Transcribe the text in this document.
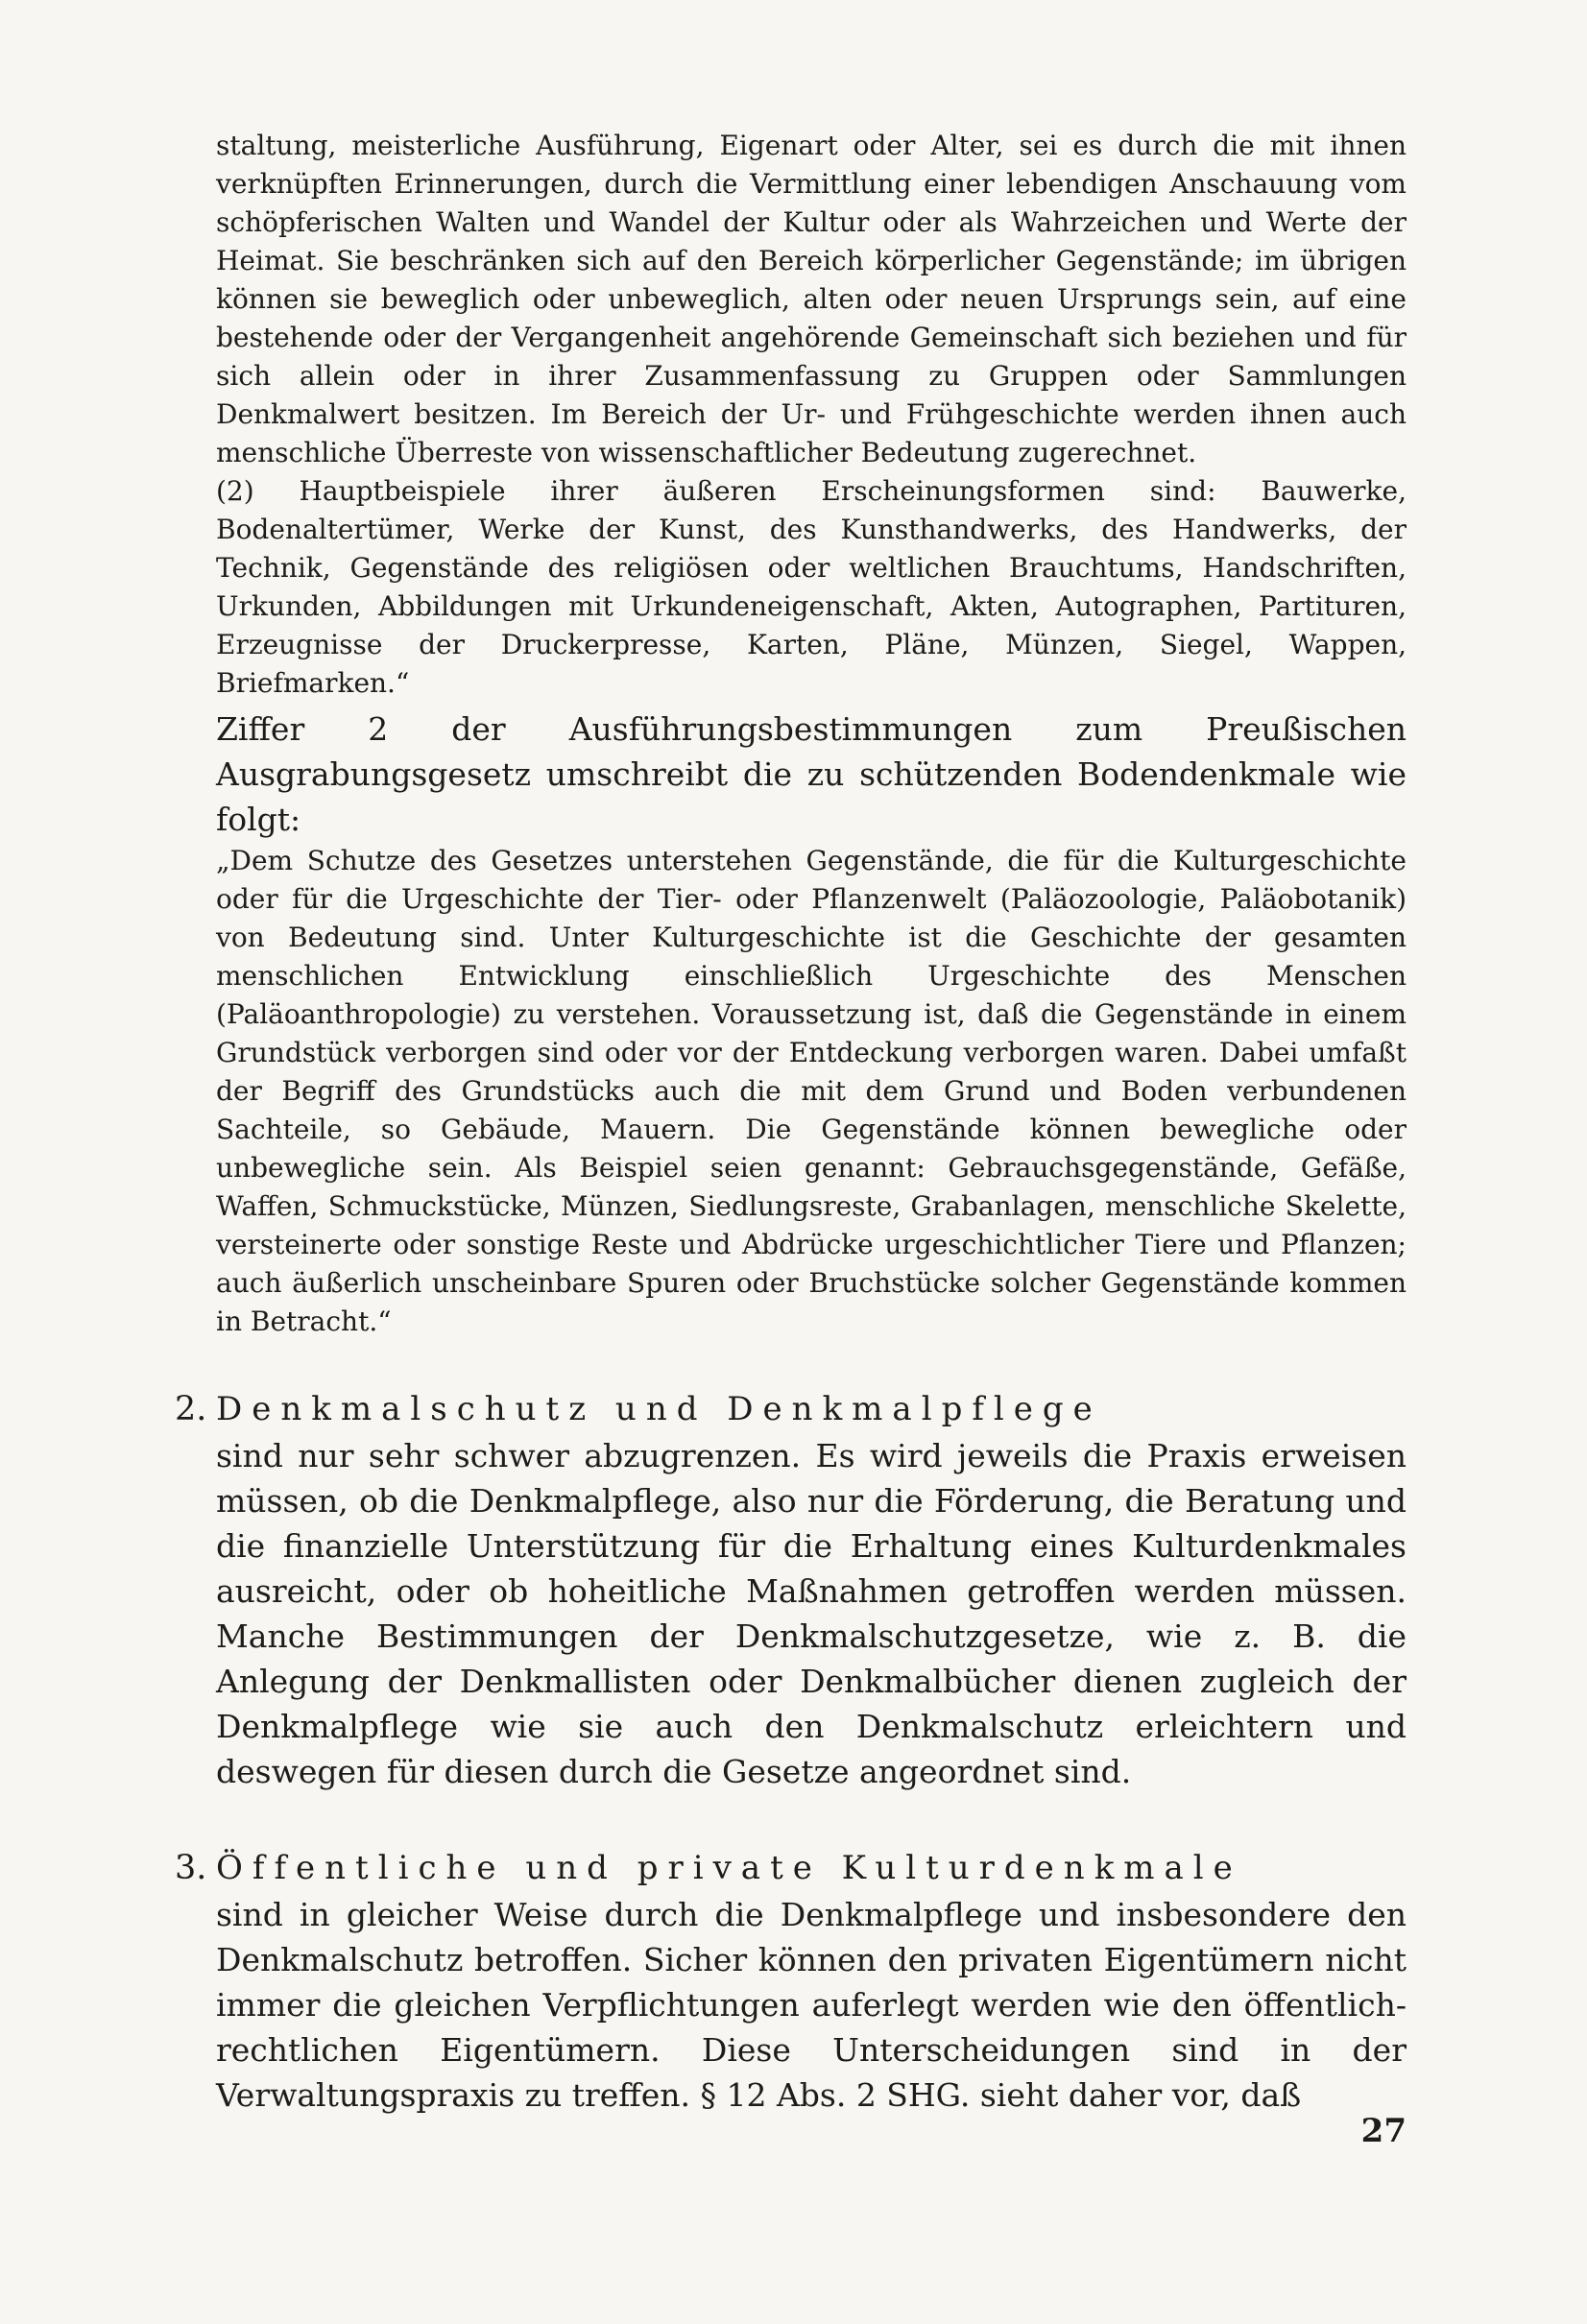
staltung, meisterliche Ausführung, Eigenart oder Alter, sei es durch die mit ihnen verknüpften Erinnerungen, durch die Vermittlung einer lebendigen Anschauung vom schöpferischen Walten und Wandel der Kultur oder als Wahrzeichen und Werte der Heimat. Sie beschränken sich auf den Bereich körperlicher Gegenstände; im übrigen können sie beweglich oder unbeweglich, alten oder neuen Ursprungs sein, auf eine bestehende oder der Vergangenheit angehörende Gemeinschaft sich beziehen und für sich allein oder in ihrer Zusammenfassung zu Gruppen oder Sammlungen Denkmalwert besitzen. Im Bereich der Ur- und Frühgeschichte werden ihnen auch menschliche Überreste von wissenschaftlicher Bedeutung zugerechnet.

(2) Hauptbeispiele ihrer äußeren Erscheinungsformen sind: Bauwerke, Bodenaltertümer, Werke der Kunst, des Kunsthandwerks, des Handwerks, der Technik, Gegenstände des religiösen oder weltlichen Brauchtums, Handschriften, Urkunden, Abbildungen mit Urkundeneigenschaft, Akten, Autographen, Partituren, Erzeugnisse der Druckerpresse, Karten, Pläne, Münzen, Siegel, Wappen, Briefmarken.“

Ziffer 2 der Ausführungsbestimmungen zum Preußischen Ausgrabungsgesetz umschreibt die zu schützenden Bodendenkmale wie folgt:

„Dem Schutze des Gesetzes unterstehen Gegenstände, die für die Kulturgeschichte oder für die Urgeschichte der Tier- oder Pflanzenwelt (Paläozoologie, Paläobotanik) von Bedeutung sind. Unter Kulturgeschichte ist die Geschichte der gesamten menschlichen Entwicklung einschließlich Urgeschichte des Menschen (Paläoanthropologie) zu verstehen. Voraussetzung ist, daß die Gegenstände in einem Grundstück verborgen sind oder vor der Entdeckung verborgen waren. Dabei umfaßt der Begriff des Grundstücks auch die mit dem Grund und Boden verbundenen Sachteile, so Gebäude, Mauern. Die Gegenstände können bewegliche oder unbewegliche sein. Als Beispiel seien genannt: Gebrauchsgegenstände, Gefäße, Waffen, Schmuckstücke, Münzen, Siedlungsreste, Grabanlagen, menschliche Skelette, versteinerte oder sonstige Reste und Abdrücke urgeschichtlicher Tiere und Pflanzen; auch äußerlich unscheinbare Spuren oder Bruchstücke solcher Gegenstände kommen in Betracht.“

2. Denkmalschutz und Denkmalpflege

sind nur sehr schwer abzugrenzen. Es wird jeweils die Praxis erweisen müssen, ob die Denkmalpflege, also nur die Förderung, die Beratung und die finanzielle Unterstützung für die Erhaltung eines Kulturdenkmales ausreicht, oder ob hoheitliche Maßnahmen getroffen werden müssen. Manche Bestimmungen der Denkmalschutzgesetze, wie z. B. die Anlegung der Denkmallisten oder Denkmalbücher dienen zugleich der Denkmalpflege wie sie auch den Denkmalschutz erleichtern und deswegen für diesen durch die Gesetze angeordnet sind.

3. Öffentliche und private Kulturdenkmale

sind in gleicher Weise durch die Denkmalpflege und insbesondere den Denkmalschutz betroffen. Sicher können den privaten Eigentümern nicht immer die gleichen Verpflichtungen auferlegt werden wie den öffentlich-rechtlichen Eigentümern. Diese Unterscheidungen sind in der Verwaltungspraxis zu treffen. § 12 Abs. 2 SHG. sieht daher vor, daß

27
